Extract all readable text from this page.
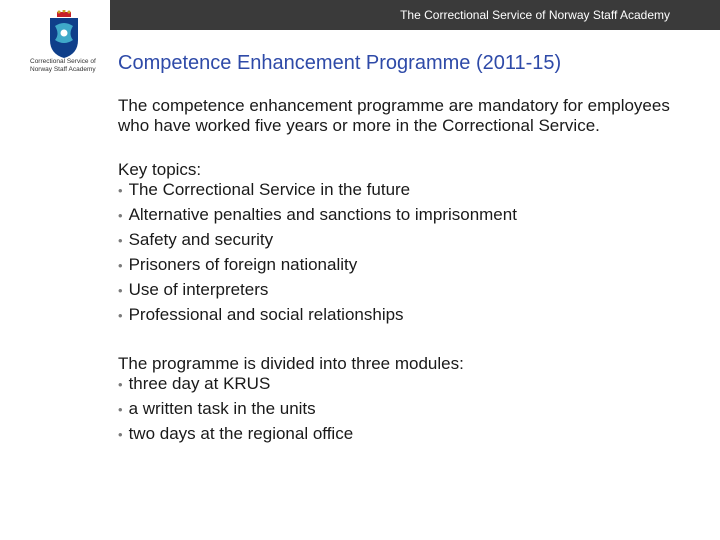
The Correctional Service of Norway Staff Academy
Correctional Service of
Norway Staff Academy	Competence Enhancement Programme (2011-15)

The competence enhancement programme are mandatory for employees who have worked five years or more in the Correctional Service.

Key topics:

• The Correctional Service in the future
• Alternative penalties and sanctions to imprisonment
• Safety and security
• Prisoners of foreign nationality
• Use of interpreters
• Professional and social relationships

The programme is divided into three modules:

• three day at KRUS
• a written task in the units
• two days at the regional office
